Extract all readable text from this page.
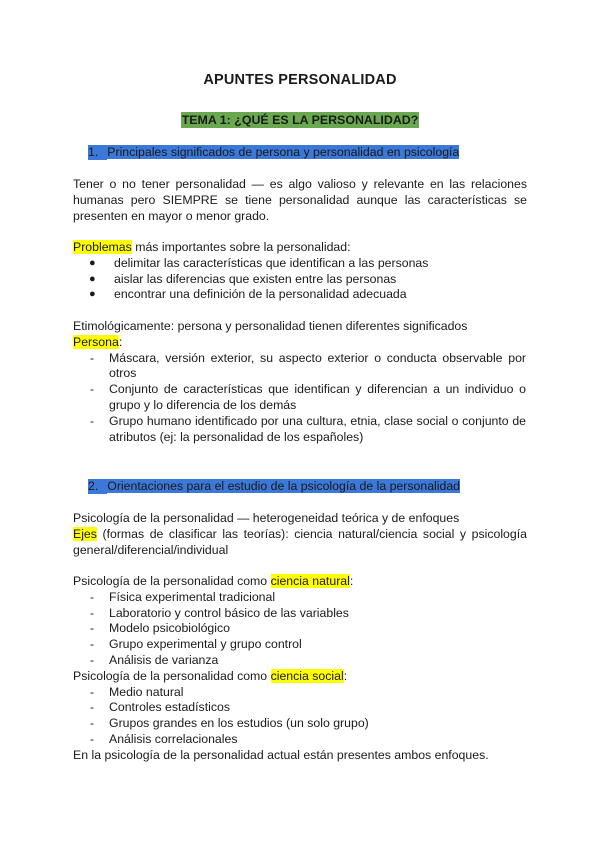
APUNTES PERSONALIDAD
TEMA 1: ¿QUÉ ES LA PERSONALIDAD?
1. Principales significados de persona y personalidad en psicología
Tener o no tener personalidad — es algo valioso y relevante en las relaciones humanas pero SIEMPRE se tiene personalidad aunque las características se presenten en mayor o menor grado.
Problemas más importantes sobre la personalidad:
● delimitar las características que identifican a las personas
● aislar las diferencias que existen entre las personas
● encontrar una definición de la personalidad adecuada
Etimológicamente: persona y personalidad tienen diferentes significados
Persona:
- Máscara, versión exterior, su aspecto exterior o conducta observable por otros
- Conjunto de características que identifican y diferencian a un individuo o grupo y lo diferencia de los demás
- Grupo humano identificado por una cultura, etnia, clase social o conjunto de atributos (ej: la personalidad de los españoles)
2. Orientaciones para el estudio de la psicología de la personalidad
Psicología de la personalidad — heterogeneidad teórica y de enfoques
Ejes (formas de clasificar las teorías): ciencia natural/ciencia social y psicología general/diferencial/individual
Psicología de la personalidad como ciencia natural:
- Física experimental tradicional
- Laboratorio y control básico de las variables
- Modelo psicobiológico
- Grupo experimental y grupo control
- Análisis de varianza
Psicología de la personalidad como ciencia social:
- Medio natural
- Controles estadísticos
- Grupos grandes en los estudios (un solo grupo)
- Análisis correlacionales
En la psicología de la personalidad actual están presentes ambos enfoques.
